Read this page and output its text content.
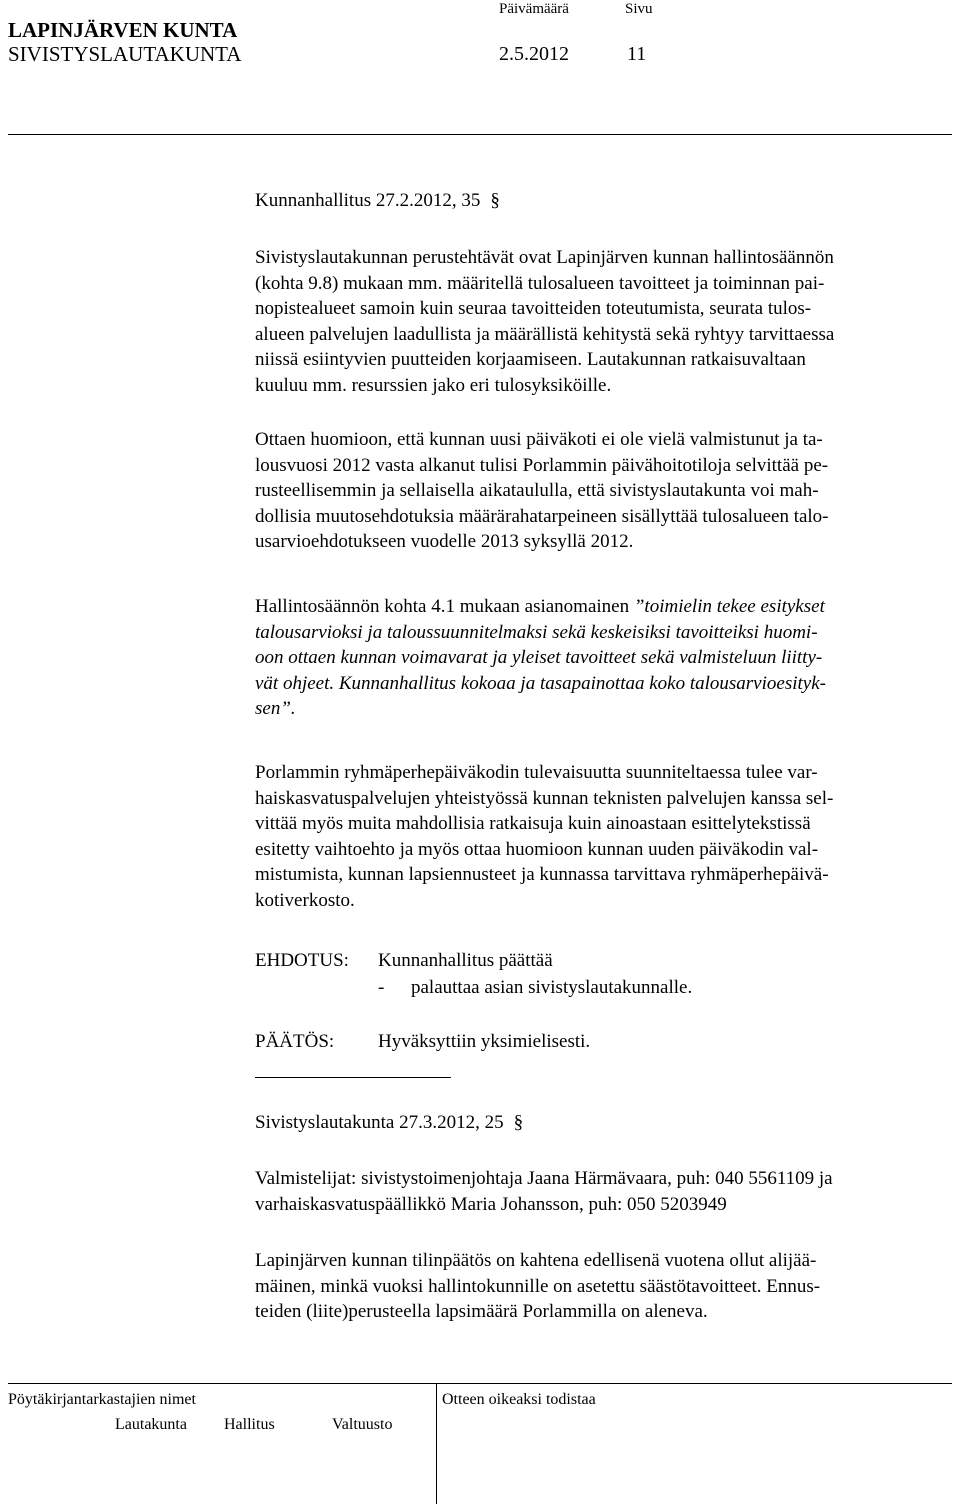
LAPINJÄRVEN KUNTA
SIVISTYSLAUTAKUNTA
Päivämäärä	Sivu
2.5.2012	11
Kunnanhallitus 27.2.2012, 35 §
Sivistyslautakunnan perustehtävät ovat Lapinjärven kunnan hallintosäännön
(kohta 9.8) mukaan mm. määritellä tulosalueen tavoitteet ja toiminnan pai-
nopistealueet samoin kuin seuraa tavoitteiden toteutumista, seurata tulos-
alueen palvelujen laadullista ja määrällistä kehitystä sekä ryhtyy tarvittaessa
niissä esiintyvien puutteiden korjaamiseen. Lautakunnan ratkaisuvaltaan
kuuluu mm. resurssien jako eri tulosyksiköille.
Ottaen huomioon, että kunnan uusi päiväkoti ei ole vielä valmistunut ja ta-
lousvuosi 2012 vasta alkanut tulisi Porlammin päivähoitotiloja selvittää pe-
rusteellisemmin ja sellaisella aikataululla, että sivistyslautakunta voi mah-
dollisia muutosehdotuksia määrärahatarpeineen sisällyttää tulosalueen talo-
usarvioehdotukseen vuodelle 2013 syksyllä 2012.
Hallintosäännön kohta 4.1 mukaan asianomainen ”toimielin tekee esitykset
talousarvioksi ja taloussuunnitelmaksi sekä keskeisiksi tavoitteiksi huomi-
oon ottaen kunnan voimavarat ja yleiset tavoitteet sekä valmisteluun liitty-
vät ohjeet. Kunnanhallitus kokoaa ja tasapainottaa koko talousarvioesityk-
sen”.
Porlammin ryhmäperhepäiväkodin tulevaisuutta suunniteltaessa tulee var-
haiskasvatuspalvelujen yhteistyössä kunnan teknisten palvelujen kanssa sel-
vittää myös muita mahdollisia ratkaisuja kuin ainoastaan esittelytekstissä
esitetty vaihtoehto ja myös ottaa huomioon kunnan uuden päiväkodin val-
mistumista, kunnan lapsiennusteet ja kunnassa tarvittava ryhmäperhepäivä-
kotiverkosto.
EHDOTUS: Kunnanhallitus päättää
- palauttaa asian sivistyslautakunnalle.
PÄÄTÖS: Hyväksyttiin yksimielisesti.
Sivistyslautakunta 27.3.2012, 25 §
Valmistelijat: sivistystoimenjohtaja Jaana Härmävaara, puh: 040 5561109 ja
varhaiskasvatuspäällikkö Maria Johansson, puh: 050 5203949
Lapinjärven kunnan tilinpäätös on kahtena edellisenä vuotena ollut alijää-
mäinen, minkä vuoksi hallintokunnille on asetettu säästötavoitteet. Ennus-
teiden (liite)perusteella lapsimäärä Porlammilla on aleneva.
Pöytäkirjantarkastajien nimet	Otteen oikeaksi todistaa
Lautakunta Hallitus	Valtuusto
